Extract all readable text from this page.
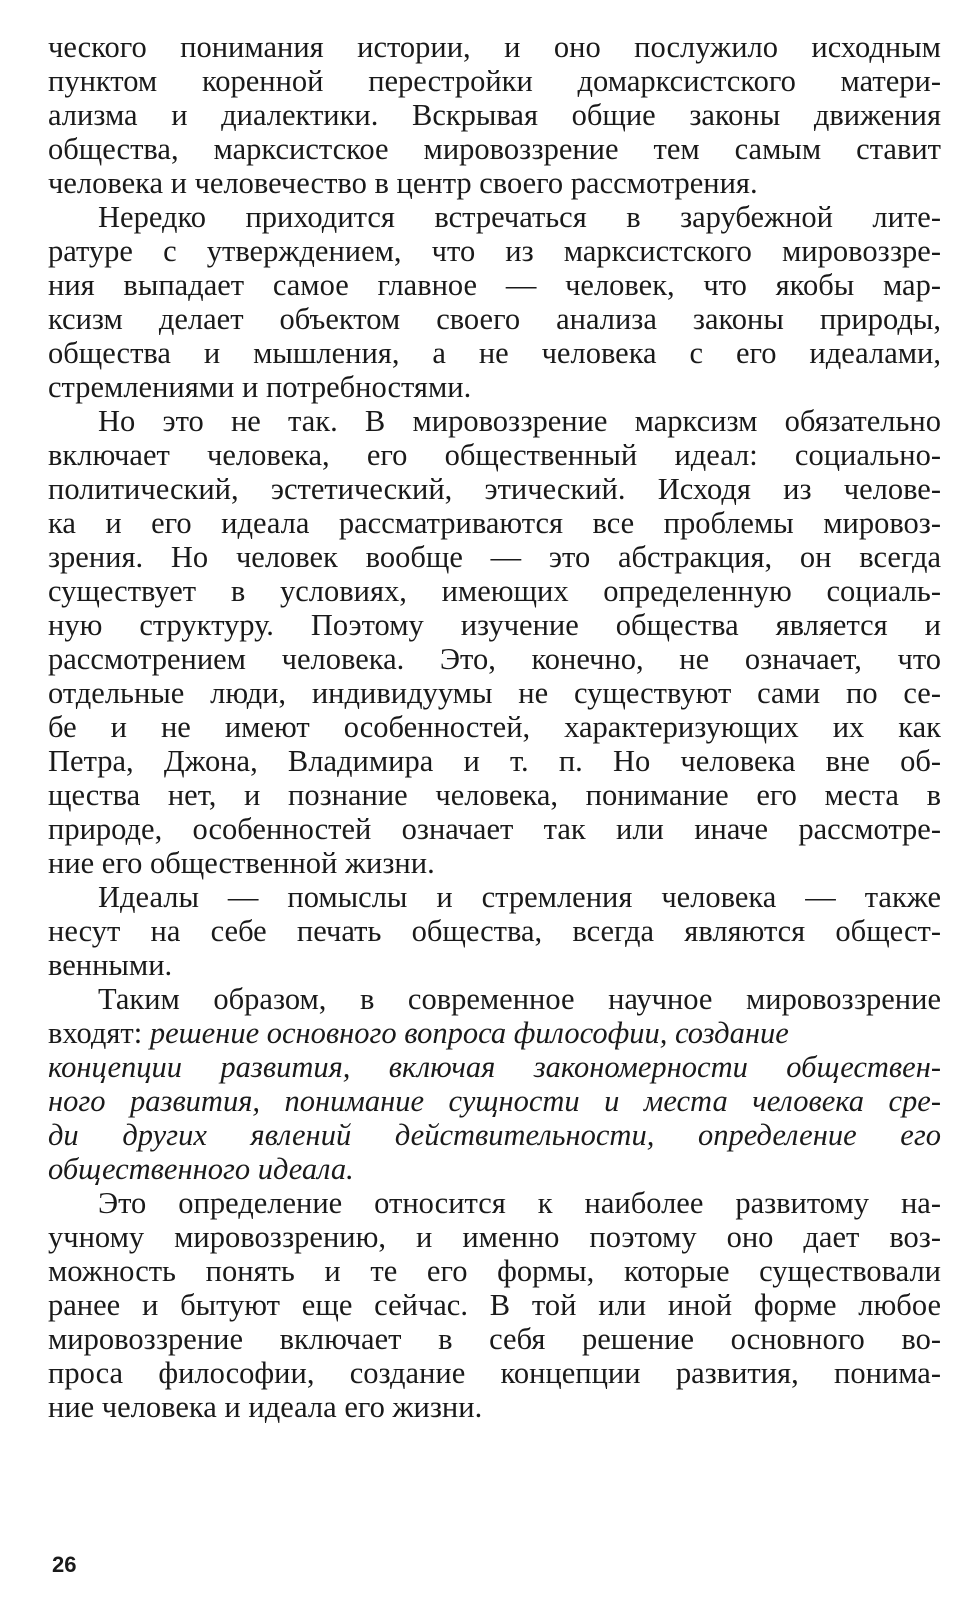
ческого понимания истории, и оно послужило исходным
пунктом коренной перестройки домарксистского матери-
ализма и диалектики. Вскрывая общие законы движения
общества, марксистское мировоззрение тем самым ставит
человека и человечество в центр своего рассмотрения.
Нередко приходится встречаться в зарубежной лите-
ратуре с утверждением, что из марксистского мировоззре-
ния выпадает самое главное — человек, что якобы мар-
ксизм делает объектом своего анализа законы природы,
общества и мышления, а не человека с его идеалами,
стремлениями и потребностями.
Но это не так. В мировоззрение марксизм обязательно
включает человека, его общественный идеал: социально-
политический, эстетический, этический. Исходя из челове-
ка и его идеала рассматриваются все проблемы мировоз-
зрения. Но человек вообще — это абстракция, он всегда
существует в условиях, имеющих определенную социаль-
ную структуру. Поэтому изучение общества является и
рассмотрением человека. Это, конечно, не означает, что
отдельные люди, индивидуумы не существуют сами по се-
бе и не имеют особенностей, характеризующих их как
Петра, Джона, Владимира и т. п. Но человека вне об-
щества нет, и познание человека, понимание его места в
природе, особенностей означает так или иначе рассмотре-
ние его общественной жизни.
Идеалы — помыслы и стремления человека — также
несут на себе печать общества, всегда являются общест-
венными.
Таким образом, в современное научное мировоззрение
входят: решение основного вопроса философии, создание
концепции развития, включая закономерности обществен-
ного развития, понимание сущности и места человека сре-
ди других явлений действительности, определение его
общественного идеала.
Это определение относится к наиболее развитому на-
учному мировоззрению, и именно поэтому оно дает воз-
можность понять и те его формы, которые существовали
ранее и бытуют еще сейчас. В той или иной форме любое
мировоззрение включает в себя решение основного во-
проса философии, создание концепции развития, понима-
ние человека и идеала его жизни.
26
